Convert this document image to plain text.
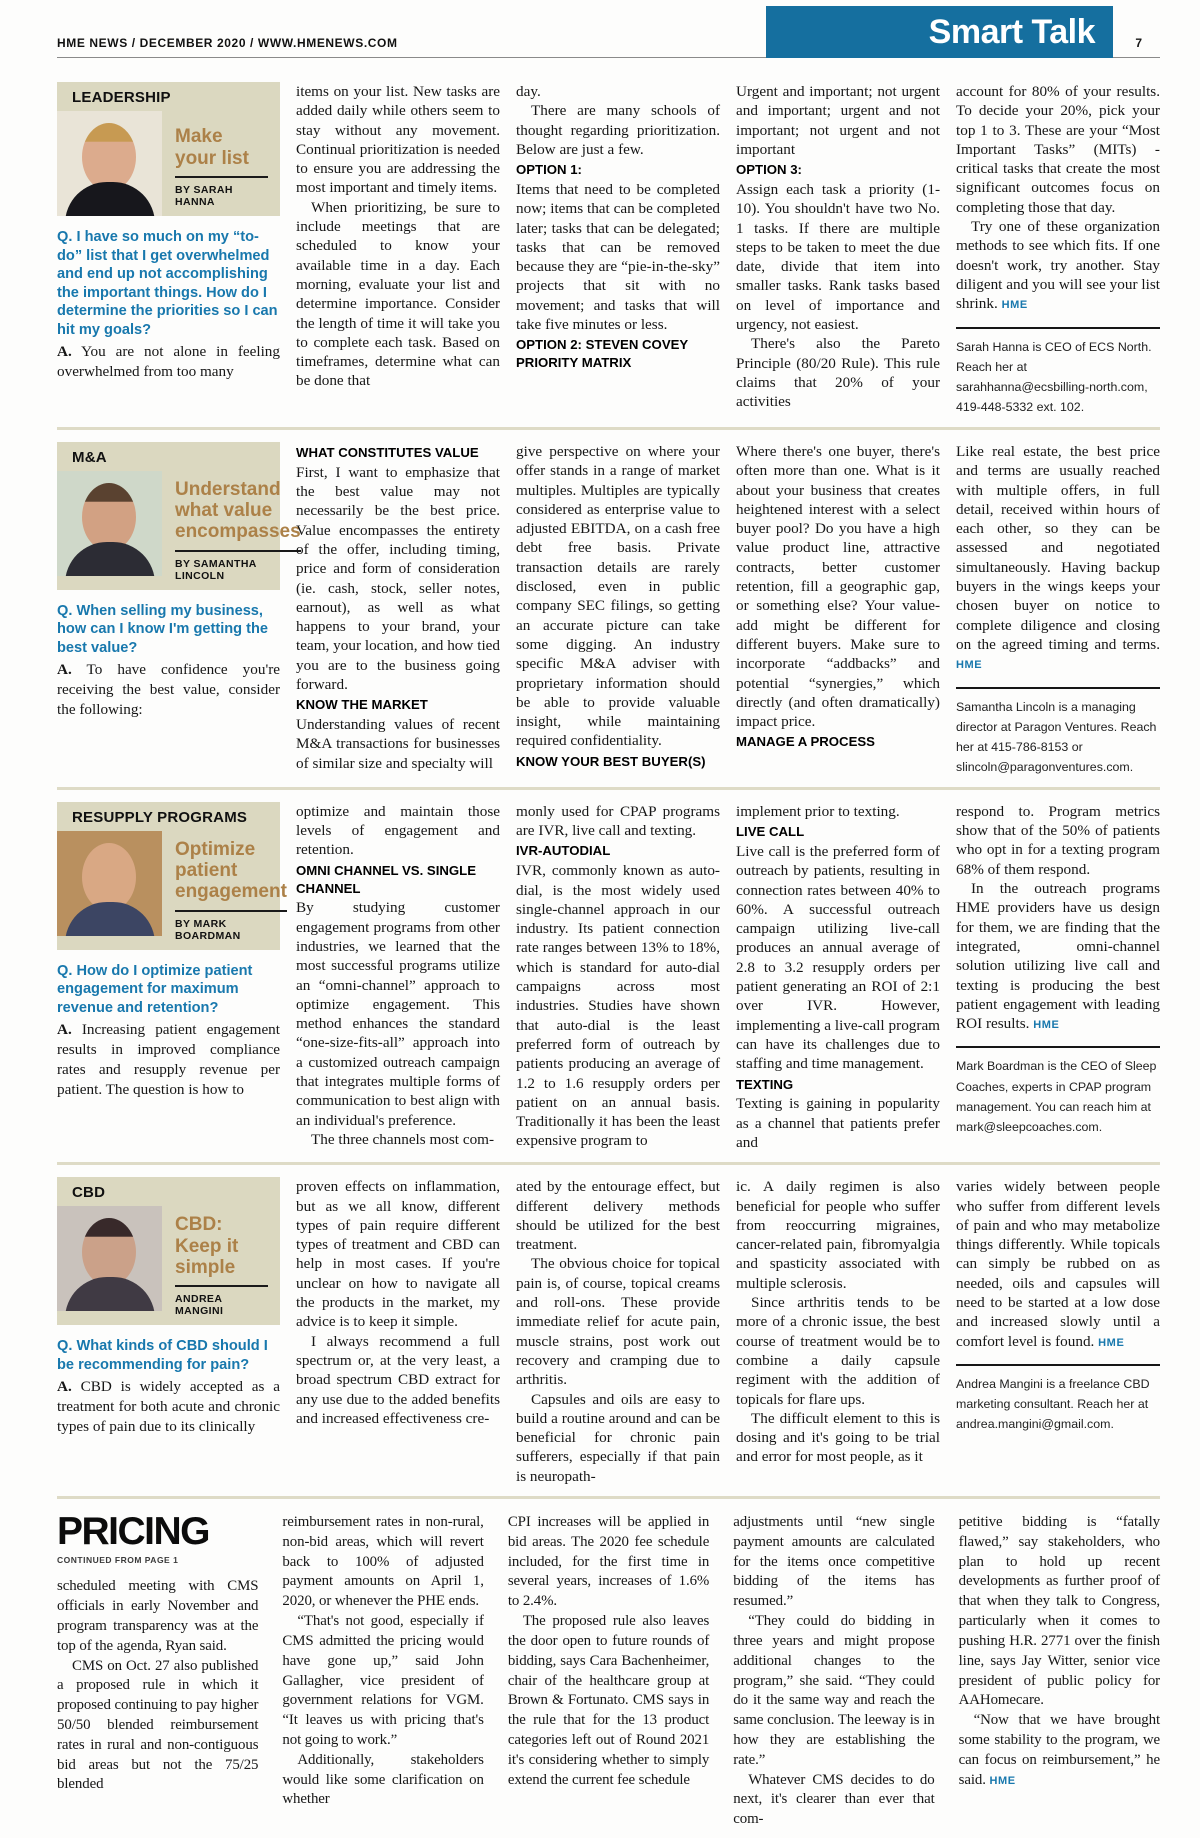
HME NEWS / DECEMBER 2020 / WWW.HMENEWS.COM	Smart Talk	7
LEADERSHIP
Make your list
BY SARAH HANNA
Q. I have so much on my “to-do” list that I get overwhelmed and end up not accomplishing the important things. How do I determine the priorities so I can hit my goals?

A. You are not alone in feeling overwhelmed from too many

items on your list. New tasks are added daily while others seem to stay without any movement. Continual prioritization is needed to ensure you are addressing the most important and timely items.

When prioritizing, be sure to include meetings that are scheduled to know your available time in a day. Each morning, evaluate your list and determine importance. Consider the length of time it will take you to complete each task. Based on timeframes, determine what can be done that

day.

There are many schools of thought regarding prioritization. Below are just a few.

OPTION 1:

Items that need to be completed now; items that can be completed later; tasks that can be delegated; tasks that can be removed because they are “pie-in-the-sky” projects that sit with no movement; and tasks that will take five minutes or less.

OPTION 2: STEVEN COVEY PRIORITY MATRIX

Urgent and important; not urgent and important; urgent and not important; not urgent and not important

OPTION 3:

Assign each task a priority (1-10). You shouldn't have two No. 1 tasks. If there are multiple steps to be taken to meet the due date, divide that item into smaller tasks. Rank tasks based on level of importance and urgency, not easiest.

There's also the Pareto Principle (80/20 Rule). This rule claims that 20% of your activities

account for 80% of your results. To decide your 20%, pick your top 1 to 3. These are your “Most Important Tasks” (MITs) - critical tasks that create the most significant outcomes focus on completing those that day.

Try one of these organization methods to see which fits. If one doesn't work, try another. Stay diligent and you will see your list shrink. HME

Sarah Hanna is CEO of ECS North. Reach her at sarahhanna@ecsbilling-north.com, 419-448-5332 ext. 102.
M&A
Understand what value encompasses
BY SAMANTHA LINCOLN
Q. When selling my business, how can I know I'm getting the best value?

A. To have confidence you're receiving the best value, consider the following:

WHAT CONSTITUTES VALUE

First, I want to emphasize that the best value may not necessarily be the best price. Value encompasses the entirety of the offer, including timing, price and form of consideration (ie. cash, stock, seller notes, earnout), as well as what happens to your brand, your team, your location, and how tied you are to the business going forward.

KNOW THE MARKET

Understanding values of recent M&A transactions for businesses of similar size and specialty will

give perspective on where your offer stands in a range of market multiples. Multiples are typically considered as enterprise value to adjusted EBITDA, on a cash free debt free basis. Private transaction details are rarely disclosed, even in public company SEC filings, so getting an accurate picture can take some digging. An industry specific M&A adviser with proprietary information should be able to provide valuable insight, while maintaining required confidentiality.

KNOW YOUR BEST BUYER(S)

Where there's one buyer, there's often more than one. What is it about your business that creates heightened interest with a select buyer pool? Do you have a high value product line, attractive contracts, better customer retention, fill a geographic gap, or something else? Your value-add might be different for different buyers. Make sure to incorporate “addbacks” and potential “synergies,” which directly (and often dramatically) impact price.

MANAGE A PROCESS

Like real estate, the best price and terms are usually reached with multiple offers, in full detail, received within hours of each other, so they can be assessed and negotiated simultaneously. Having backup buyers in the wings keeps your chosen buyer on notice to complete diligence and closing on the agreed timing and terms. HME

Samantha Lincoln is a managing director at Paragon Ventures. Reach her at 415-786-8153 or slincoln@paragonventures.com.
RESUPPLY PROGRAMS
Optimize patient engagement
BY MARK BOARDMAN
Q. How do I optimize patient engagement for maximum revenue and retention?

A. Increasing patient engagement results in improved compliance rates and resupply revenue per patient. The question is how to

optimize and maintain those levels of engagement and retention.

OMNI CHANNEL VS. SINGLE CHANNEL

By studying customer engagement programs from other industries, we learned that the most successful programs utilize an “omni-channel” approach to optimize engagement. This method enhances the standard “one-size-fits-all” approach into a customized outreach campaign that integrates multiple forms of communication to best align with an individual's preference.

The three channels most com-

monly used for CPAP programs are IVR, live call and texting.

IVR-AUTODIAL

IVR, commonly known as auto-dial, is the most widely used single-channel approach in our industry. Its patient connection rate ranges between 13% to 18%, which is standard for auto-dial campaigns across most industries. Studies have shown that auto-dial is the least preferred form of outreach by patients producing an average of 1.2 to 1.6 resupply orders per patient on an annual basis. Traditionally it has been the least expensive program to

implement prior to texting.

LIVE CALL

Live call is the preferred form of outreach by patients, resulting in connection rates between 40% to 60%. A successful outreach campaign utilizing live-call produces an annual average of 2.8 to 3.2 resupply orders per patient generating an ROI of 2:1 over IVR. However, implementing a live-call program can have its challenges due to staffing and time management.

TEXTING

Texting is gaining in popularity as a channel that patients prefer and

respond to. Program metrics show that of the 50% of patients who opt in for a texting program 68% of them respond.

In the outreach programs HME providers have us design for them, we are finding that the integrated, omni-channel solution utilizing live call and texting is producing the best patient engagement with leading ROI results. HME

Mark Boardman is the CEO of Sleep Coaches, experts in CPAP program management. You can reach him at mark@sleepcoaches.com.
CBD
CBD: Keep it simple
ANDREA MANGINI
Q. What kinds of CBD should I be recommending for pain?

A. CBD is widely accepted as a treatment for both acute and chronic types of pain due to its clinically

proven effects on inflammation, but as we all know, different types of pain require different types of treatment and CBD can help in most cases. If you're unclear on how to navigate all the products in the market, my advice is to keep it simple.

I always recommend a full spectrum or, at the very least, a broad spectrum CBD extract for any use due to the added benefits and increased effectiveness cre-

ated by the entourage effect, but different delivery methods should be utilized for the best treatment.

The obvious choice for topical pain is, of course, topical creams and roll-ons. These provide immediate relief for acute pain, muscle strains, post work out recovery and cramping due to arthritis.

Capsules and oils are easy to build a routine around and can be beneficial for chronic pain sufferers, especially if that pain is neuropath-

ic. A daily regimen is also beneficial for people who suffer from reoccurring migraines, cancer-related pain, fibromyalgia and spasticity associated with multiple sclerosis.

Since arthritis tends to be more of a chronic issue, the best course of treatment would be to combine a daily capsule regiment with the addition of topicals for flare ups.

The difficult element to this is dosing and it's going to be trial and error for most people, as it

varies widely between people who suffer from different levels of pain and who may metabolize things differently. While topicals can simply be rubbed on as needed, oils and capsules will need to be started at a low dose and increased slowly until a comfort level is found. HME

Andrea Mangini is a freelance CBD marketing consultant. Reach her at andrea.mangini@gmail.com.
PRICING
CONTINUED FROM PAGE 1

scheduled meeting with CMS officials in early November and program transparency was at the top of the agenda, Ryan said.

CMS on Oct. 27 also published a proposed rule in which it proposed continuing to pay higher 50/50 blended reimbursement rates in rural and non-contiguous bid areas but not the 75/25 blended

reimbursement rates in non-rural, non-bid areas, which will revert back to 100% of adjusted payment amounts on April 1, 2020, or whenever the PHE ends.

“That's not good, especially if CMS admitted the pricing would have gone up,” said John Gallagher, vice president of government relations for VGM. “It leaves us with pricing that's not going to work.”

Additionally, stakeholders would like some clarification on whether

CPI increases will be applied in bid areas. The 2020 fee schedule included, for the first time in several years, increases of 1.6% to 2.4%.

The proposed rule also leaves the door open to future rounds of bidding, says Cara Bachenheimer, chair of the healthcare group at Brown & Fortunato. CMS says in the rule that for the 13 product categories left out of Round 2021 it's considering whether to simply extend the current fee schedule

adjustments until “new single payment amounts are calculated for the items once competitive bidding of the items has resumed.”

“They could do bidding in three years and might propose additional changes to the program,” she said. “They could do it the same way and reach the same conclusion. The leeway is in how they are establishing the rate.”

Whatever CMS decides to do next, it's clearer than ever that com-

petitive bidding is “fatally flawed,” say stakeholders, who plan to hold up recent developments as further proof of that when they talk to Congress, particularly when it comes to pushing H.R. 2771 over the finish line, says Jay Witter, senior vice president of public policy for AAHomecare.

“Now that we have brought some stability to the program, we can focus on reimbursement,” he said. HME
